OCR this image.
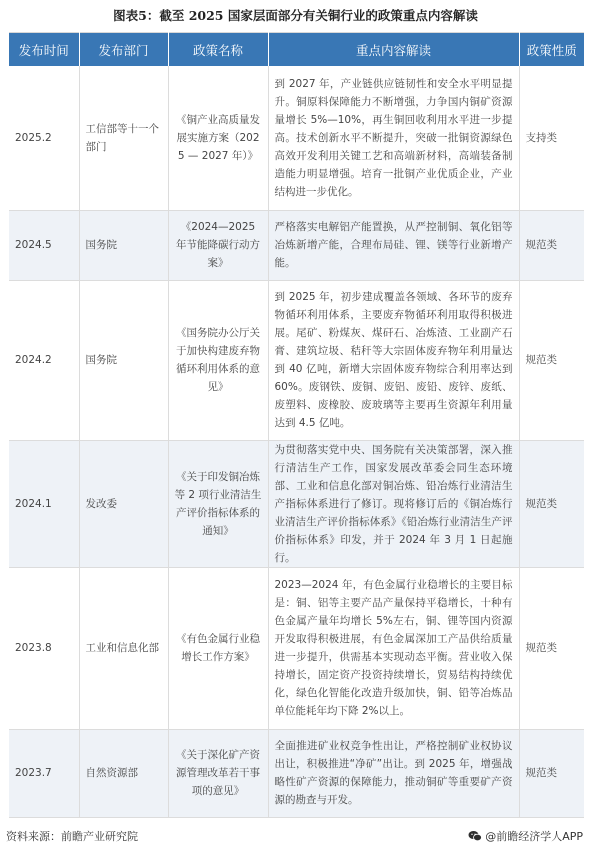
图表5：截至 2025 国家层面部分有关铜行业的政策重点内容解读
发布时间	发布部门	政策名称	重点内容解读	政策性质
2025.2	工信部等十一个部门	《铜产业高质量发展实施方案（2025 — 2027 年）》	到 2027 年，产业链供应链韧性和安全水平明显提升。铜原料保障能力不断增强，力争国内铜矿资源量增长 5%—10%，再生铜回收利用水平进一步提高。技术创新水平不断提升，突破一批铜资源绿色高效开发利用关键工艺和高端新材料，高端装备制造能力明显增强。培育一批铜产业优质企业，产业结构进一步优化。	支持类
2024.5	国务院	《2024—2025 年节能降碳行动方案》	严格落实电解铝产能置换，从严控制铜、氧化铝等冶炼新增产能，合理布局硅、锂、镁等行业新增产能。	规范类
2024.2	国务院	《国务院办公厅关于加快构建废弃物循环利用体系的意见》	到 2025 年，初步建成覆盖各领域、各环节的废弃物循环利用体系，主要废弃物循环利用取得积极进展。尾矿、粉煤灰、煤矸石、冶炼渣、工业副产石膏、建筑垃圾、秸秆等大宗固体废弃物年利用量达到 40 亿吨，新增大宗固体废弃物综合利用率达到 60%。废钢铁、废铜、废铝、废铅、废锌、废纸、废塑料、废橡胶、废玻璃等主要再生资源年利用量达到 4.5 亿吨。	规范类
2024.1	发改委	《关于印发铜冶炼等 2 项行业清洁生产评价指标体系的通知》	为贯彻落实党中央、国务院有关决策部署，深入推行清洁生产工作，国家发展改革委会同生态环境部、工业和信息化部对铜冶炼、铅冶炼行业清洁生产指标体系进行了修订。现将修订后的《铜冶炼行业清洁生产评价指标体系》《铅冶炼行业清洁生产评价指标体系》印发，并于 2024 年 3 月 1 日起施行。	规范类
2023.8	工业和信息化部	《有色金属行业稳增长工作方案》	2023—2024 年，有色金属行业稳增长的主要目标是：铜、铝等主要产品产量保持平稳增长，十种有色金属产量年均增长 5%左右，铜、锂等国内资源开发取得积极进展，有色金属深加工产品供给质量进一步提升，供需基本实现动态平衡。营业收入保持增长，固定资产投资持续增长，贸易结构持续优化，绿色化智能化改造升级加快，铜、铅等冶炼品单位能耗年均下降 2%以上。	规范类
2023.7	自然资源部	《关于深化矿产资源管理改革若干事项的意见》	全面推进矿业权竞争性出让，严格控制矿业权协议出让，积极推进“净矿”出让。到 2025 年，增强战略性矿产资源的保障能力，推动铜矿等重要矿产资源的勘查与开发。	规范类
资料来源：前瞻产业研究院	@前瞻经济学人APP
